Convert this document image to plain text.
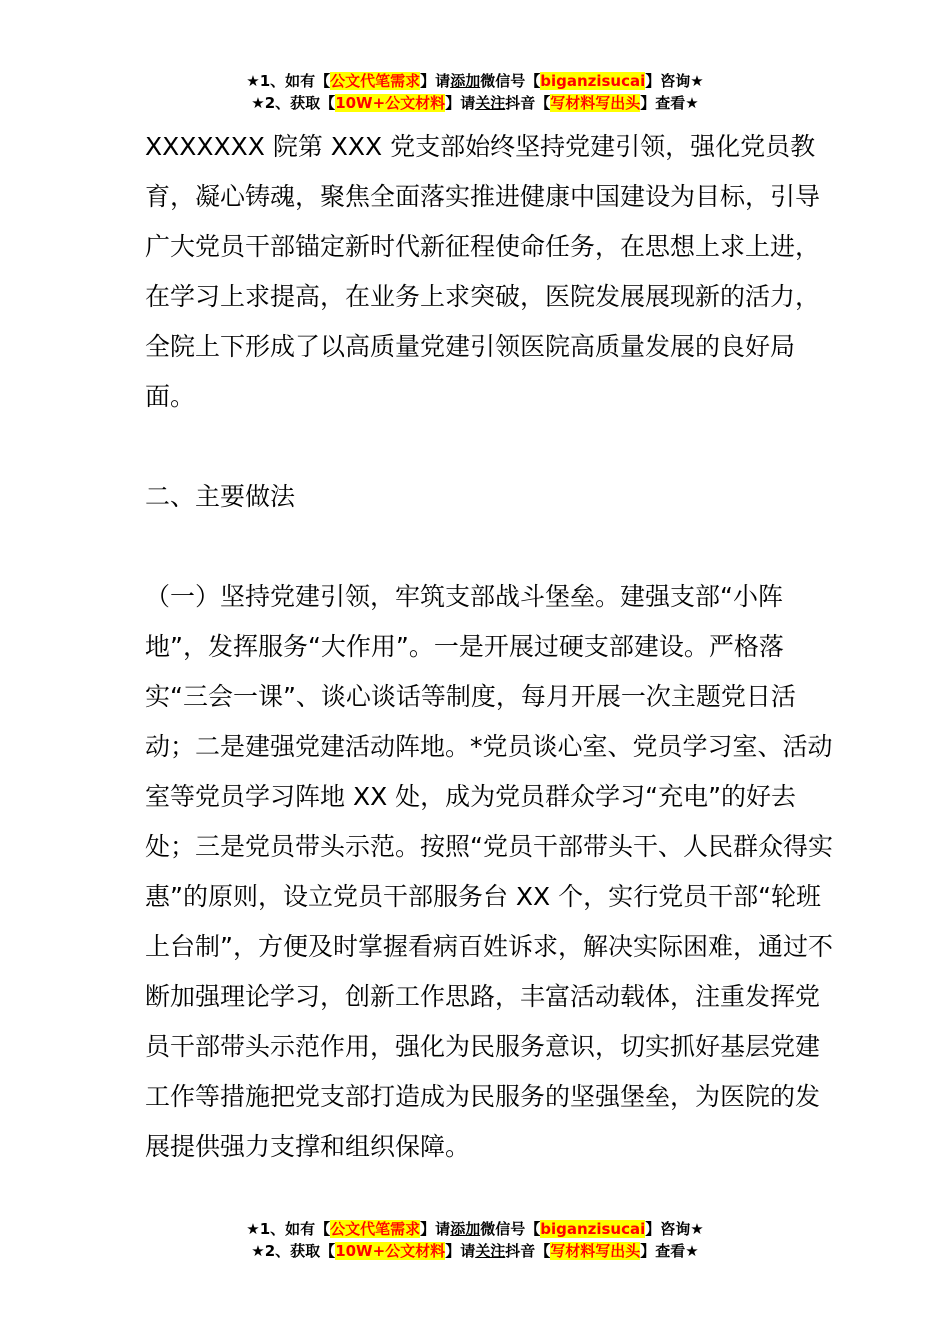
★1、如有【公文代笔需求】请添加微信号【biganzisucai】咨询★
★2、获取【10W+公文材料】请关注抖音【写材料写出头】查看★

XXXXXXX 院第 XXX 党支部始终坚持党建引领，强化党员教育，凝心铸魂，聚焦全面落实推进健康中国建设为目标，引导广大党员干部锚定新时代新征程使命任务，在思想上求上进，在学习上求提高，在业务上求突破，医院发展展现新的活力，全院上下形成了以高质量党建引领医院高质量发展的良好局面。

二、主要做法

（一）坚持党建引领，牢筑支部战斗堡垒。建强支部“小阵地”，发挥服务“大作用”。一是开展过硬支部建设。严格落实“三会一课”、谈心谈话等制度，每月开展一次主题党日活动；二是建强党建活动阵地。*党员谈心室、党员学习室、活动室等党员学习阵地 XX 处，成为党员群众学习“充电”的好去处；三是党员带头示范。按照“党员干部带头干、人民群众得实惠”的原则，设立党员干部服务台 XX 个，实行党员干部“轮班上台制”，方便及时掌握看病百姓诉求，解决实际困难，通过不断加强理论学习，创新工作思路，丰富活动载体，注重发挥党员干部带头示范作用，强化为民服务意识，切实抓好基层党建工作等措施把党支部打造成为民服务的坚强堡垒，为医院的发展提供强力支撑和组织保障。

★1、如有【公文代笔需求】请添加微信号【biganzisucai】咨询★
★2、获取【10W+公文材料】请关注抖音【写材料写出头】查看★
